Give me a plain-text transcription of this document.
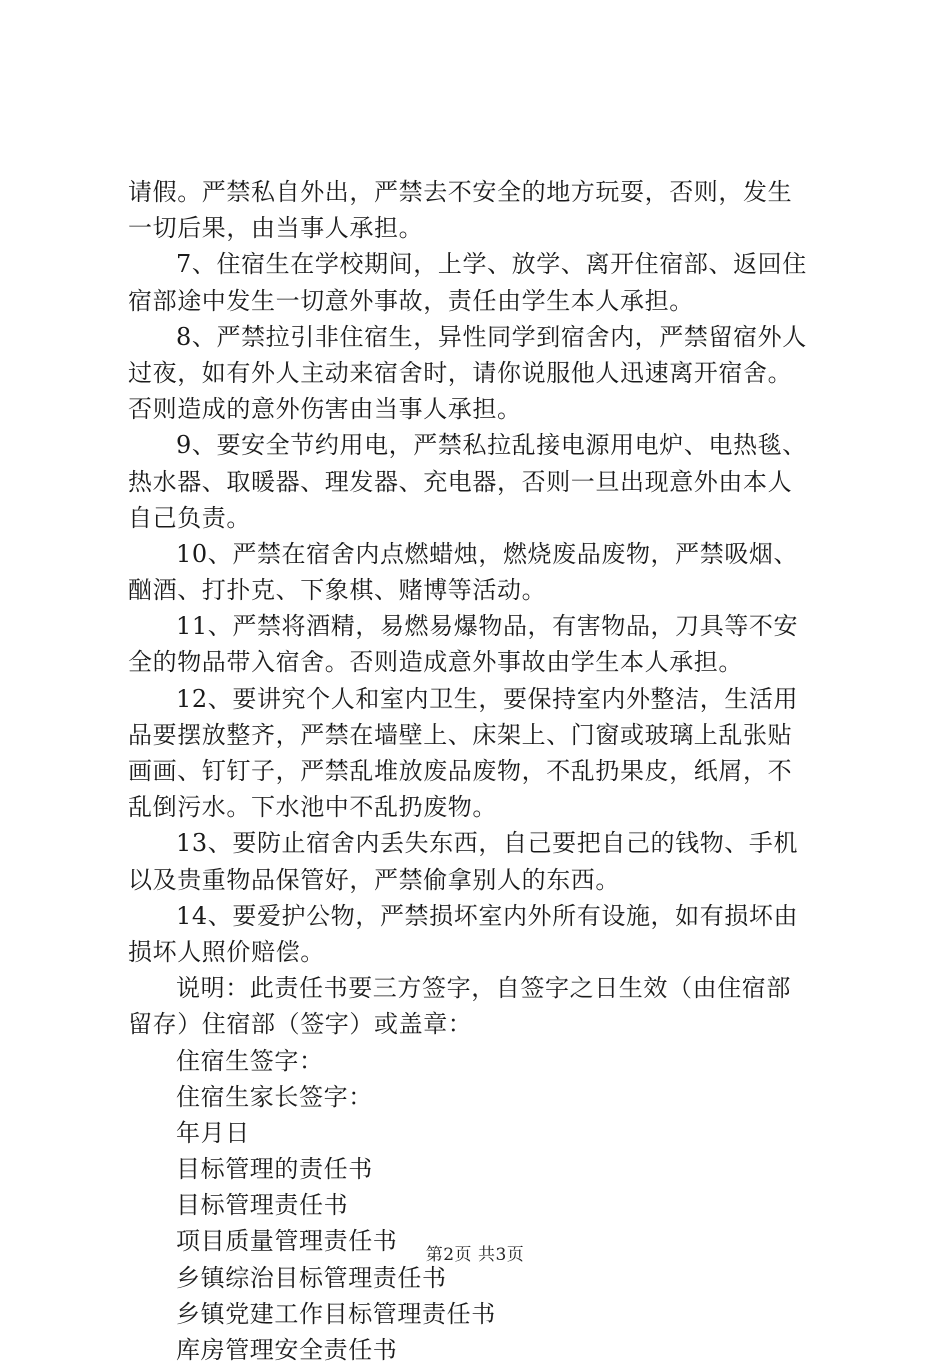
请假。严禁私自外出，严禁去不安全的地方玩耍，否则，发生
一切后果，由当事人承担。
7、住宿生在学校期间，上学、放学、离开住宿部、返回住
宿部途中发生一切意外事故，责任由学生本人承担。
8、严禁拉引非住宿生，异性同学到宿舍内，严禁留宿外人
过夜，如有外人主动来宿舍时，请你说服他人迅速离开宿舍。
否则造成的意外伤害由当事人承担。
9、要安全节约用电，严禁私拉乱接电源用电炉、电热毯、
热水器、取暖器、理发器、充电器，否则一旦出现意外由本人
自己负责。
10、严禁在宿舍内点燃蜡烛，燃烧废品废物，严禁吸烟、
酗酒、打扑克、下象棋、赌博等活动。
11、严禁将酒精，易燃易爆物品，有害物品，刀具等不安
全的物品带入宿舍。否则造成意外事故由学生本人承担。
12、要讲究个人和室内卫生，要保持室内外整洁，生活用
品要摆放整齐，严禁在墙壁上、床架上、门窗或玻璃上乱张贴
画画、钉钉子，严禁乱堆放废品废物，不乱扔果皮，纸屑，不
乱倒污水。下水池中不乱扔废物。
13、要防止宿舍内丢失东西，自己要把自己的钱物、手机
以及贵重物品保管好，严禁偷拿别人的东西。
14、要爱护公物，严禁损坏室内外所有设施，如有损坏由
损坏人照价赔偿。
说明：此责任书要三方签字，自签字之日生效（由住宿部
留存）住宿部（签字）或盖章：
住宿生签字：
住宿生家长签字：
年月日
目标管理的责任书
目标管理责任书
项目质量管理责任书
乡镇综治目标管理责任书
乡镇党建工作目标管理责任书
库房管理安全责任书
第2页 共3页
